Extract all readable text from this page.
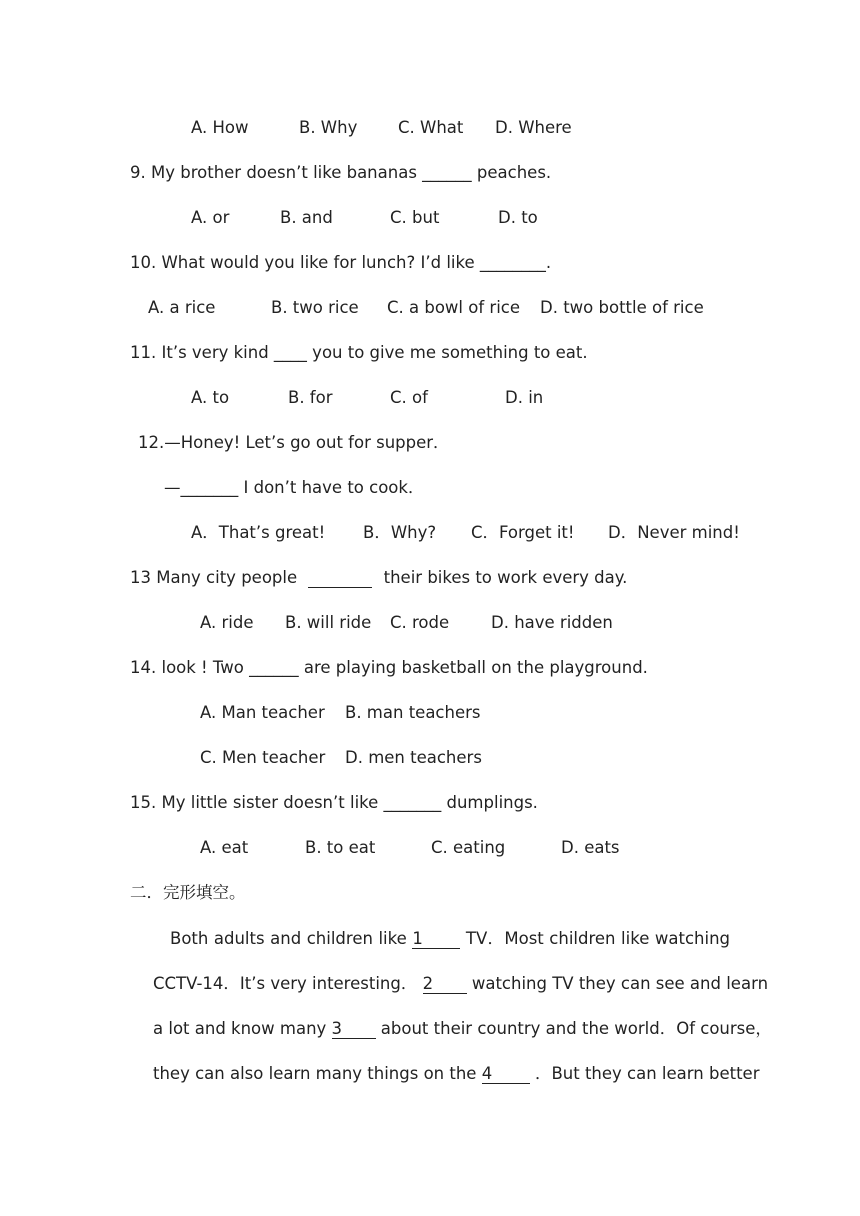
A. How	B. Why C. What D. Where
9. My brother doesn’t like bananas ______ peaches.
A. or	B. and	C. but	D. to
10. What would you like for lunch? I’d like ________.
A. a rice	B. two rice C. a bowl of rice D. two bottle of rice
11. It’s very kind ____ you to give me something to eat.
A. to	B. for	C. of	D. in
12.—Honey! Let’s go out for supper．
—_______ I don’t have to cook．
A．That’s great! B．Why? C．Forget it! D．Never mind!
13 Many city people	their bikes to work every day.
A. ride B. will ride C. rode	D. have ridden
14. look ! Two ______ are playing basketball on the playground.
A. Man teacher B. man teachers
C. Men teacher D. men teachers
15. My little sister doesn’t like _______ dumplings.
A. eat	B. to eat	C. eating	D. eats
二．完形填空。
Both adults and children like 1	TV．Most children like watching
CCTV-14．It’s very interesting． 2 watching TV they can see and learn
a lot and know many 3 about their country and the world．Of course，
they can also learn many things on the 4	．But they can learn better
